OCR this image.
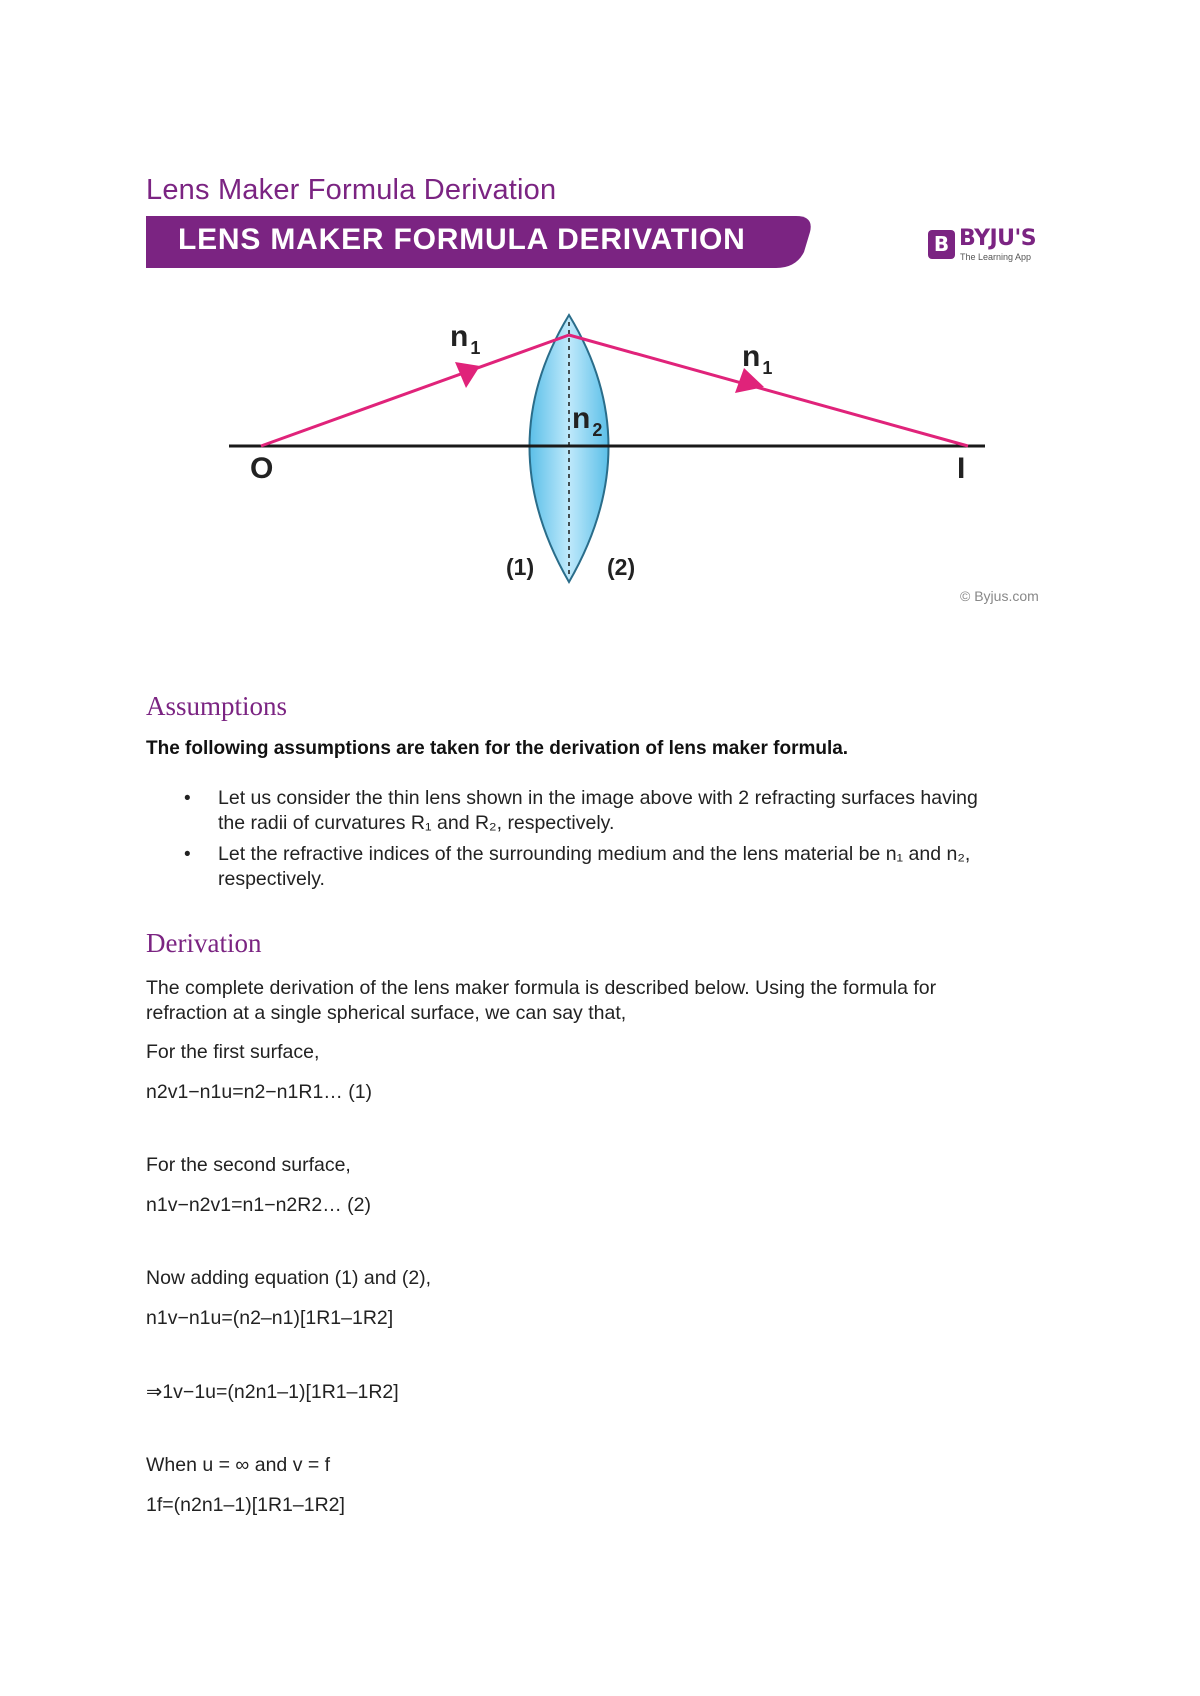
Lens Maker Formula Derivation
LENS MAKER FORMULA DERIVATION	B BYJU'S
The Learning App
n $_1$	n $_1$
n $_2$
O	I
(1)	(2)
© Byjus.com
Assumptions

The following assumptions are taken for the derivation of lens maker formula.

• Let us consider the thin lens shown in the image above with 2 refracting surfaces having
the radii of curvatures R₁ and R₂, respectively.
• Let the refractive indices of the surrounding medium and the lens material be n₁ and n₂,
respectively.
Derivation

The complete derivation of the lens maker formula is described below. Using the formula for

refraction at a single spherical surface, we can say that,

For the first surface,

n2v1−n1u=n2−n1R1… (1)

For the second surface,

n1v−n2v1=n1−n2R2… (2)

Now adding equation (1) and (2),

n1v−n1u=(n2–n1)[1R1–1R2]

⇒1v−1u=(n2n1–1)[1R1–1R2]

When u = ∞ and v = f

1f=(n2n1–1)[1R1–1R2]
